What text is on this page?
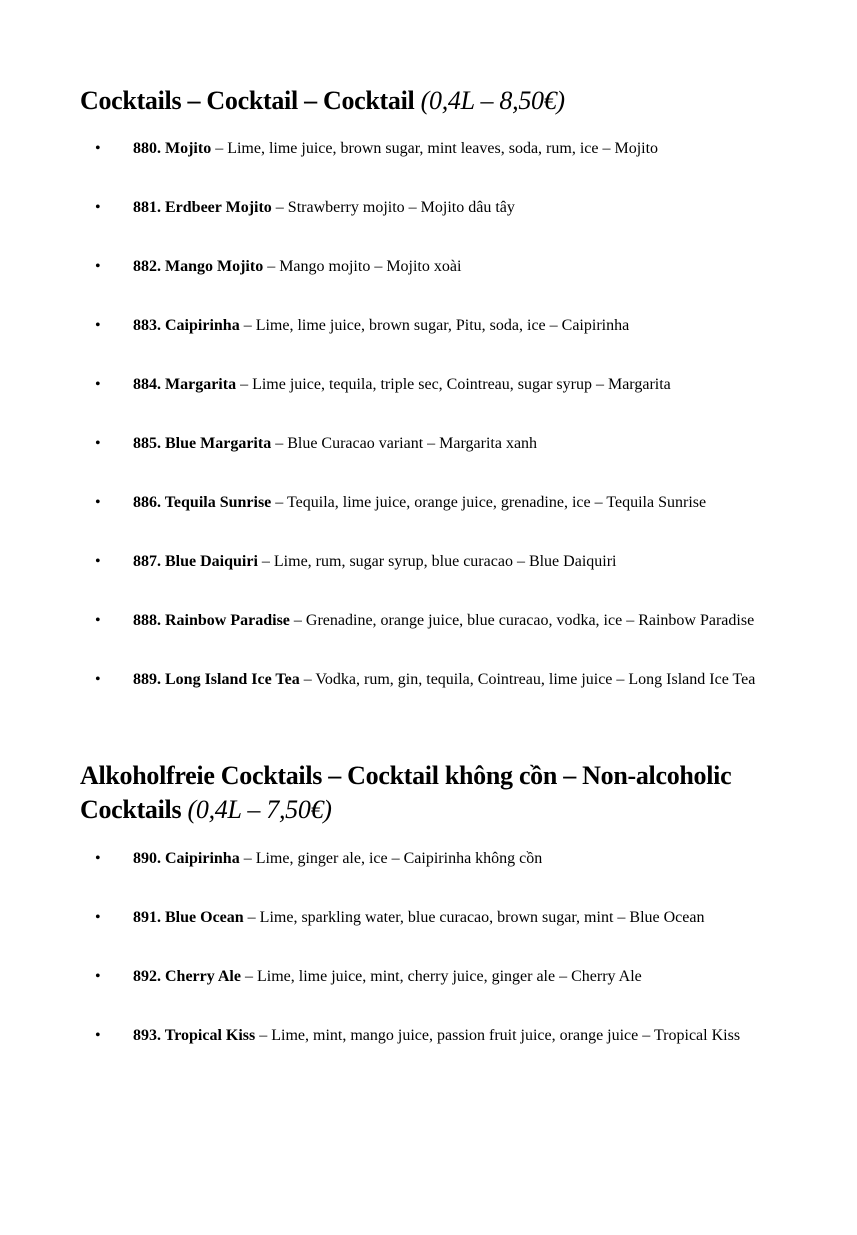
Cocktails – Cocktail – Cocktail (0,4L – 8,50€)
• 880. Mojito – Lime, lime juice, brown sugar, mint leaves, soda, rum, ice – Mojito
• 881. Erdbeer Mojito – Strawberry mojito – Mojito dâu tây
• 882. Mango Mojito – Mango mojito – Mojito xoài
• 883. Caipirinha – Lime, lime juice, brown sugar, Pitu, soda, ice – Caipirinha
• 884. Margarita – Lime juice, tequila, triple sec, Cointreau, sugar syrup – Margarita
• 885. Blue Margarita – Blue Curacao variant – Margarita xanh
• 886. Tequila Sunrise – Tequila, lime juice, orange juice, grenadine, ice – Tequila Sunrise
• 887. Blue Daiquiri – Lime, rum, sugar syrup, blue curacao – Blue Daiquiri
• 888. Rainbow Paradise – Grenadine, orange juice, blue curacao, vodka, ice – Rainbow Paradise
• 889. Long Island Ice Tea – Vodka, rum, gin, tequila, Cointreau, lime juice – Long Island Ice Tea
Alkoholfreie Cocktails – Cocktail không cồn – Non-alcoholic Cocktails (0,4L – 7,50€)
• 890. Caipirinha – Lime, ginger ale, ice – Caipirinha không cồn
• 891. Blue Ocean – Lime, sparkling water, blue curacao, brown sugar, mint – Blue Ocean
• 892. Cherry Ale – Lime, lime juice, mint, cherry juice, ginger ale – Cherry Ale
• 893. Tropical Kiss – Lime, mint, mango juice, passion fruit juice, orange juice – Tropical Kiss
